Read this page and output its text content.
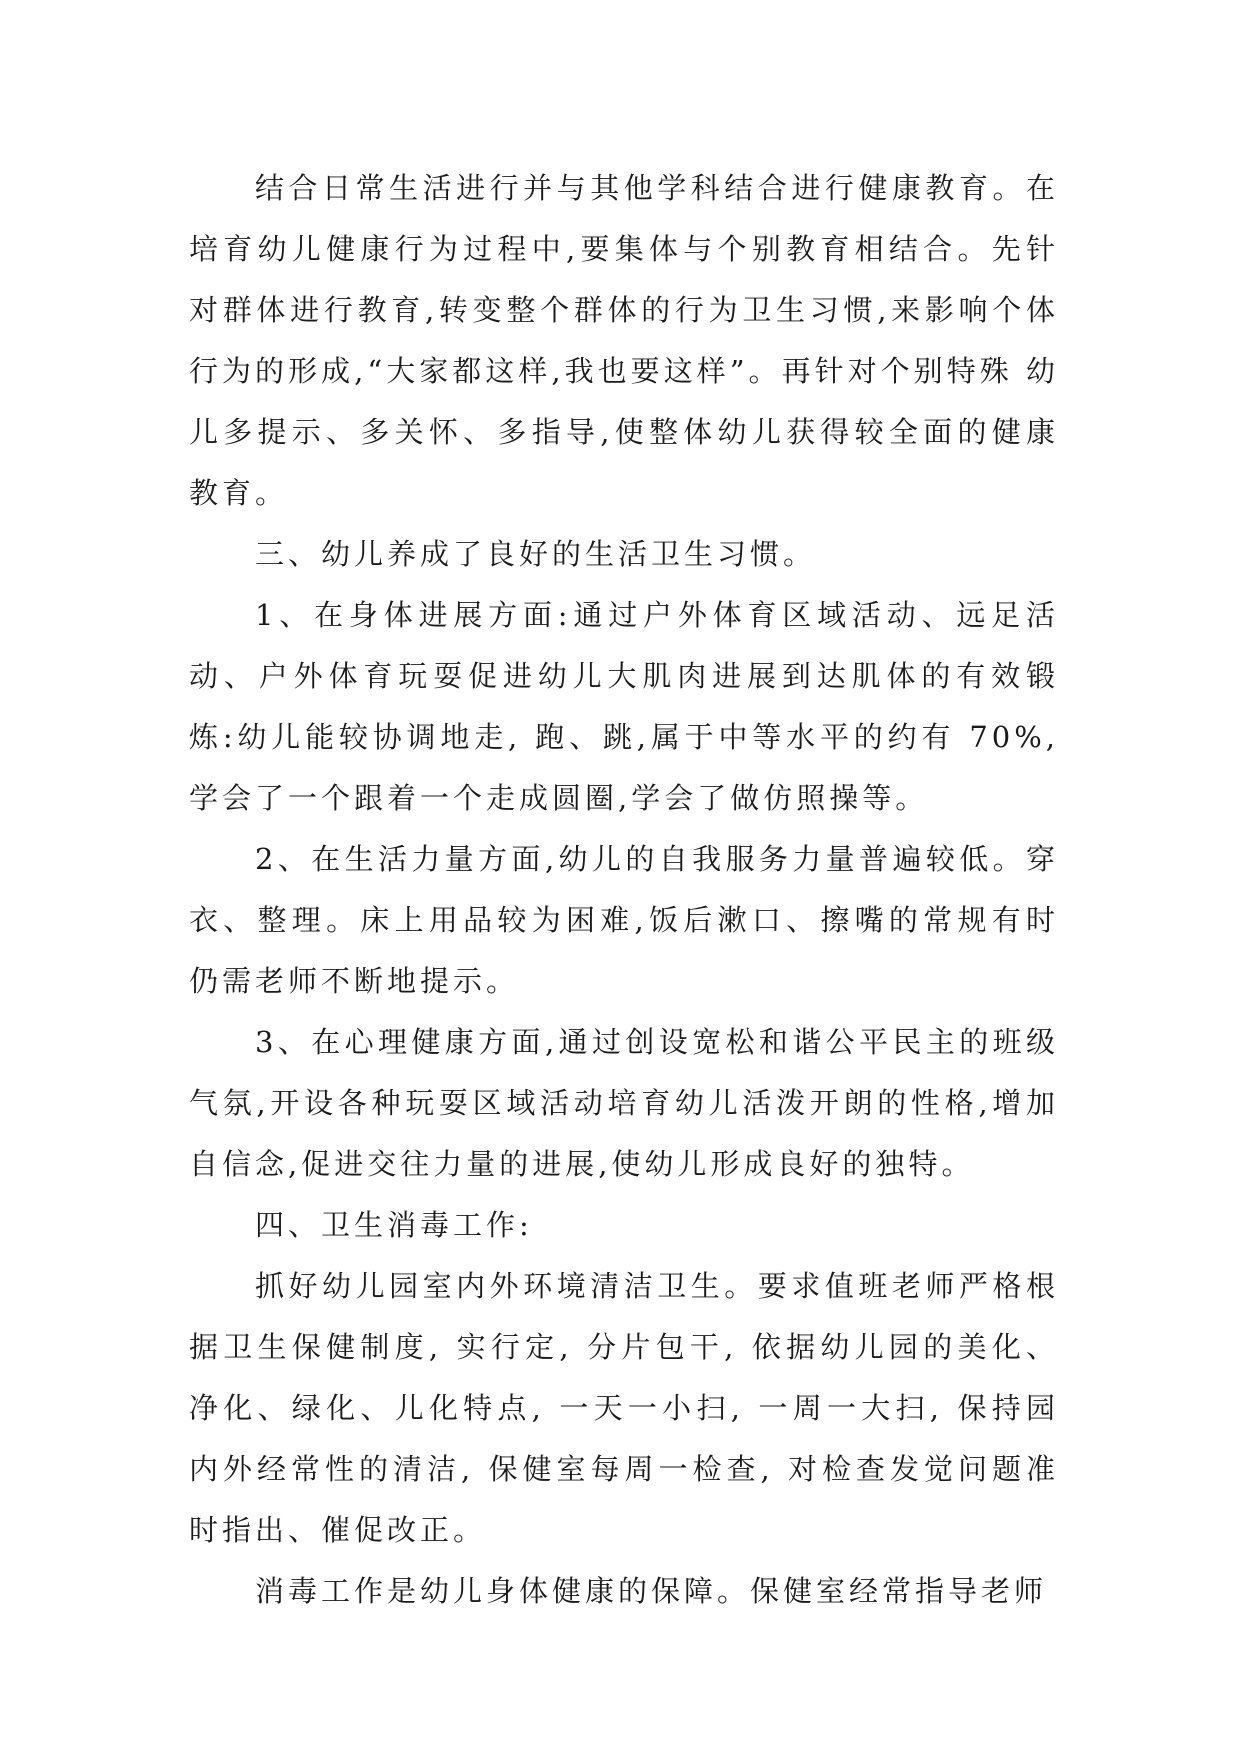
结合日常生活进行并与其他学科结合进行健康教育。在培育幼儿健康行为过程中,要集体与个别教育相结合。先针对群体进行教育,转变整个群体的行为卫生习惯,来影响个体行为的形成,“大家都这样,我也要这样”。再针对个别特殊 幼儿多提示、多关怀、多指导,使整体幼儿获得较全面的健康教育。

三、幼儿养成了良好的生活卫生习惯。

1、在身体进展方面:通过户外体育区域活动、远足活动、户外体育玩耍促进幼儿大肌肉进展到达肌体的有效锻炼:幼儿能较协调地走, 跑、跳,属于中等水平的约有 70%,学会了一个跟着一个走成圆圈,学会了做仿照操等。

2、在生活力量方面,幼儿的自我服务力量普遍较低。穿衣、整理。床上用品较为困难,饭后漱口、擦嘴的常规有时仍需老师不断地提示。

3、在心理健康方面,通过创设宽松和谐公平民主的班级气氛,开设各种玩耍区域活动培育幼儿活泼开朗的性格,增加自信念,促进交往力量的进展,使幼儿形成良好的独特。

四、卫生消毒工作:

抓好幼儿园室内外环境清洁卫生。要求值班老师严格根据卫生保健制度, 实行定, 分片包干, 依据幼儿园的美化、净化、绿化、儿化特点, 一天一小扫, 一周一大扫, 保持园内外经常性的清洁, 保健室每周一检查, 对检查发觉问题准时指出、催促改正。

消毒工作是幼儿身体健康的保障。保健室经常指导老师
